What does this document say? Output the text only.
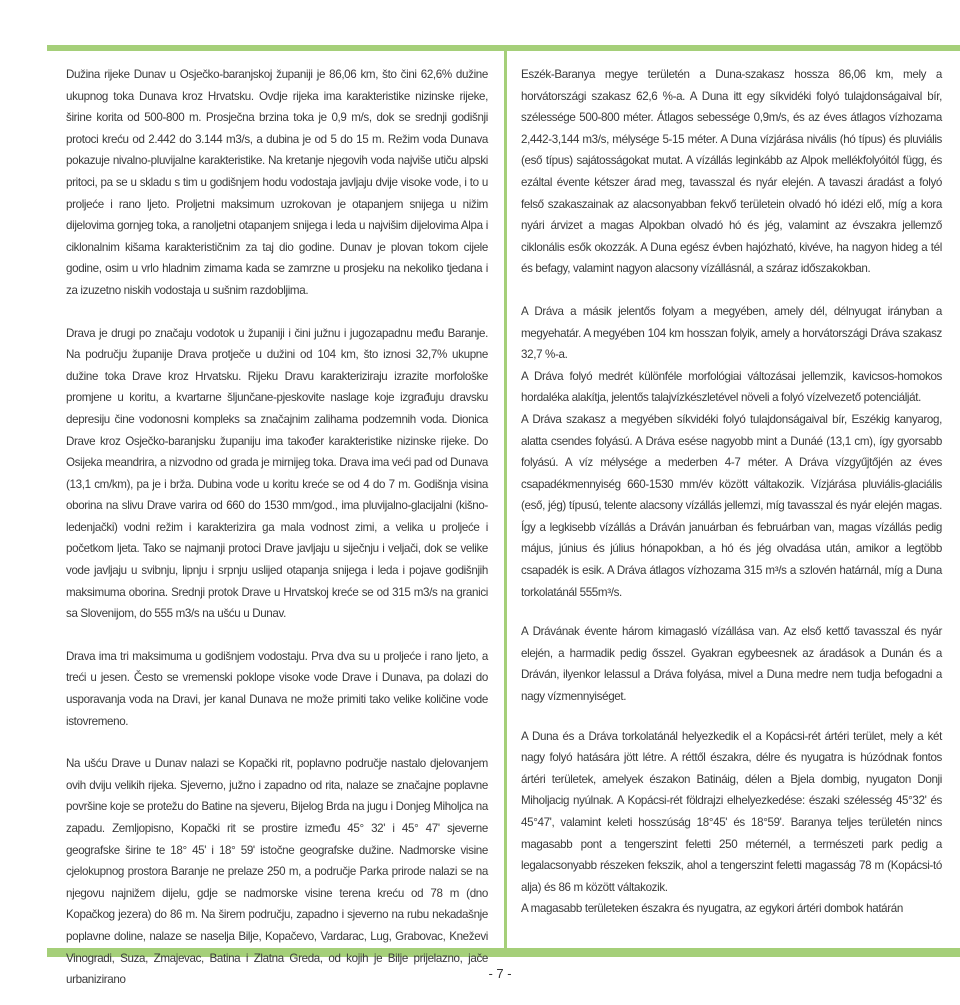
Dužina rijeke Dunav u Osječko-baranjskoj županiji je 86,06 km, što čini 62,6% dužine ukupnog toka Dunava kroz Hrvatsku. Ovdje rijeka ima karakteristike nizinske rijeke, širine korita od 500-800 m. Prosječna brzina toka je 0,9 m/s, dok se srednji godišnji protoci kreću od 2.442 do 3.144 m3/s, a dubina je od 5 do 15 m. Režim voda Dunava pokazuje nivalno-pluvijalne karakteristike. Na kretanje njegovih voda najviše utiču alpski pritoci, pa se u skladu s tim u godišnjem hodu vodostaja javljaju dvije visoke vode, i to u proljeće i rano ljeto. Proljetni maksimum uzrokovan je otapanjem snijega u nižim dijelovima gornjeg toka, a ranoljetni otapanjem snijega i leda u najvišim dijelovima Alpa i ciklonalnim kišama karakterističnim za taj dio godine. Dunav je plovan tokom cijele godine, osim u vrlo hladnim zimama kada se zamrzne u prosjeku na nekoliko tjedana i za izuzetno niskih vodostaja u sušnim razdobljima.

Drava je drugi po značaju vodotok u županiji i čini južnu i jugozapadnu među Baranje. Na području županije Drava protječe u dužini od 104 km, što iznosi 32,7% ukupne dužine toka Drave kroz Hrvatsku. Rijeku Dravu karakteriziraju izrazite morfološke promjene u koritu, a kvartarne šljunčane-pjeskovite naslage koje izgrađuju dravsku depresiju čine vodonosni kompleks sa značajnim zalihama podzemnih voda. Dionica Drave kroz Osječko-baranjsku županiju ima također karakteristike nizinske rijeke. Do Osijeka meandrira, a nizvodno od grada je mirnijeg toka. Drava ima veći pad od Dunava (13,1 cm/km), pa je i brža. Dubina vode u koritu kreće se od 4 do 7 m. Godišnja visina oborina na slivu Drave varira od 660 do 1530 mm/god., ima pluvijalno-glacijalni (kišno-ledenjački) vodni režim i karakterizira ga mala vodnost zimi, a velika u proljeće i početkom ljeta. Tako se najmanji protoci Drave javljaju u siječnju i veljači, dok se velike vode javljaju u svibnju, lipnju i srpnju uslijed otapanja snijega i leda i pojave godišnjih maksimuma oborina. Srednji protok Drave u Hrvatskoj kreće se od 315 m3/s na granici sa Slovenijom, do 555 m3/s na ušću u Dunav.

Drava ima tri maksimuma u godišnjem vodostaju. Prva dva su u proljeće i rano ljeto, a treći u jesen. Često se vremenski poklope visoke vode Drave i Dunava, pa dolazi do usporavanja voda na Dravi, jer kanal Dunava ne može primiti tako velike količine vode istovremeno.

Na ušću Drave u Dunav nalazi se Kopački rit, poplavno područje nastalo djelovanjem ovih dviju velikih rijeka. Sjeverno, južno i zapadno od rita, nalaze se značajne poplavne površine koje se protežu do Batine na sjeveru, Bijelog Brda na jugu i Donjeg Miholjca na zapadu. Zemljopisno, Kopački rit se prostire između 45° 32' i 45° 47' sjeverne geografske širine te 18° 45' i 18° 59' istočne geografske dužine. Nadmorske visine cjelokupnog prostora Baranje ne prelaze 250 m, a područje Parka prirode nalazi se na njegovu najnižem dijelu, gdje se nadmorske visine terena kreću od 78 m (dno Kopačkog jezera) do 86 m. Na širem području, zapadno i sjeverno na rubu nekadašnje poplavne doline, nalaze se naselja Bilje, Kopačevo, Vardarac, Lug, Grabovac, Kneževi Vinogradi, Suza, Zmajevac, Batina i Zlatna Greda, od kojih je Bilje prijelazno, jače urbanizirano

Eszék-Baranya megye területén a Duna-szakasz hossza 86,06 km, mely a horvátországi szakasz 62,6 %-a. A Duna itt egy síkvidéki folyó tulajdonságaival bír, szélessége 500-800 méter. Átlagos sebessége 0,9m/s, és az éves átlagos vízhozama 2,442-3,144 m3/s, mélysége 5-15 méter. A Duna vízjárása nivális (hó típus) és pluviális (eső típus) sajátosságokat mutat. A vízállás leginkább az Alpok mellékfolyóitól függ, és ezáltal évente kétszer árad meg, tavasszal és nyár elején. A tavaszi áradást a folyó felső szakaszainak az alacsonyabban fekvő területein olvadó hó idézi elő, míg a kora nyári árvizet a magas Alpokban olvadó hó és jég, valamint az évszakra jellemző ciklonális esők okozzák. A Duna egész évben hajózható, kivéve, ha nagyon hideg a tél és befagy, valamint nagyon alacsony vízállásnál, a száraz időszakokban.

A Dráva a másik jelentős folyam a megyében, amely dél, délnyugat irányban a megyehatár. A megyében 104 km hosszan folyik, amely a horvátországi Dráva szakasz 32,7 %-a.

A Dráva folyó medrét különféle morfológiai változásai jellemzik, kavicsos-homokos hordaléka alakítja, jelentős talajvízkészletével növeli a folyó vízelvezető potenciálját.

A Dráva szakasz a megyében síkvidéki folyó tulajdonságaival bír, Eszékig kanyarog, alatta csendes folyású. A Dráva esése nagyobb mint a Dunáé (13,1 cm), így gyorsabb folyású. A víz mélysége a mederben 4-7 méter. A Dráva vízgyűjtőjén az éves csapadékmennyiség 660-1530 mm/év között váltakozik. Vízjárása pluviális-glaciális (eső, jég) típusú, telente alacsony vízállás jellemzi, míg tavasszal és nyár elején magas. Így a legkisebb vízállás a Dráván januárban és februárban van, magas vízállás pedig május, június és július hónapokban, a hó és jég olvadása után, amikor a legtöbb csapadék is esik. A Dráva átlagos vízhozama 315 m³/s a szlovén határnál, míg a Duna torkolatánál 555m³/s.

A Drávának évente három kimagasló vízállása van. Az első kettő tavasszal és nyár elején, a harmadik pedig ősszel. Gyakran egybeesnek az áradások a Dunán és a Dráván, ilyenkor lelassul a Dráva folyása, mivel a Duna medre nem tudja befogadni a nagy vízmennyiséget.

A Duna és a Dráva torkolatánál helyezkedik el a Kopácsi-rét ártéri terület, mely a két nagy folyó hatására jött létre. A réttől északra, délre és nyugatra is húzódnak fontos ártéri területek, amelyek északon Batináig, délen a Bjela dombig, nyugaton Donji Miholjacig nyúlnak. A Kopácsi-rét földrajzi elhelyezkedése: északi szélesség 45°32' és 45°47', valamint keleti hosszúság 18°45' és 18°59'. Baranya teljes területén nincs magasabb pont a tengerszint feletti 250 méternél, a természeti park pedig a legalacsonyabb részeken fekszik, ahol a tengerszint feletti magasság 78 m (Kopácsi-tó alja) és 86 m között váltakozik.

A magasabb területeken északra és nyugatra, az egykori ártéri dombok határán

- 7 -
